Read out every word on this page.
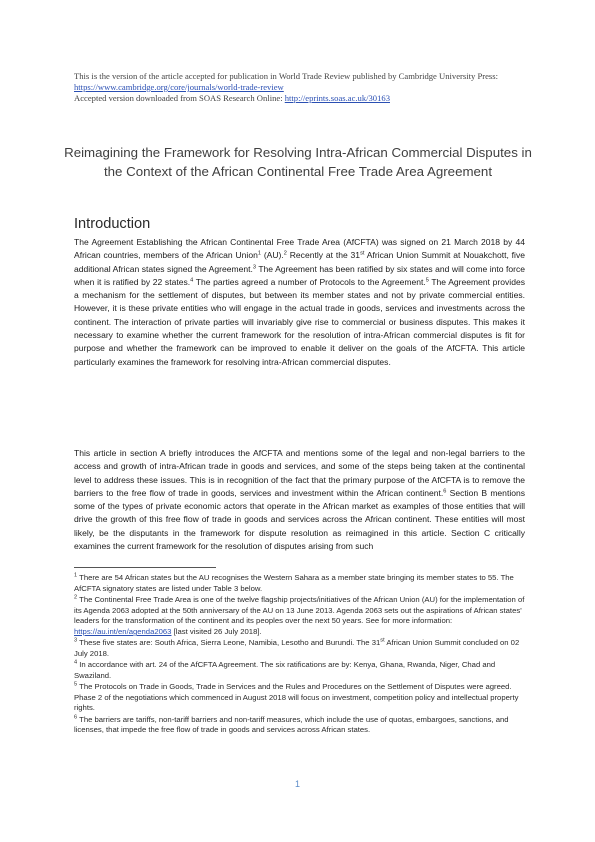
This is the version of the article accepted for publication in World Trade Review published by Cambridge University Press: https://www.cambridge.org/core/journals/world-trade-review
Accepted version downloaded from SOAS Research Online: http://eprints.soas.ac.uk/30163
Reimagining the Framework for Resolving Intra-African Commercial Disputes in the Context of the African Continental Free Trade Area Agreement
Introduction

The Agreement Establishing the African Continental Free Trade Area (AfCFTA) was signed on 21 March 2018 by 44 African countries, members of the African Union$^1$ (AU).$^2$ Recently at the 31st African Union Summit at Nouakchott, five additional African states signed the Agreement.$^3$ The Agreement has been ratified by six states and will come into force when it is ratified by 22 states.$^4$ The parties agreed a number of Protocols to the Agreement.$^5$ The Agreement provides a mechanism for the settlement of disputes, but between its member states and not by private commercial entities. However, it is these private entities who will engage in the actual trade in goods, services and investments across the continent. The interaction of private parties will invariably give rise to commercial or business disputes. This makes it necessary to examine whether the current framework for the resolution of intra-African commercial disputes is fit for purpose and whether the framework can be improved to enable it deliver on the goals of the AfCFTA. This article particularly examines the framework for resolving intra-African commercial disputes.

This article in section A briefly introduces the AfCFTA and mentions some of the legal and non-legal barriers to the access and growth of intra-African trade in goods and services, and some of the steps being taken at the continental level to address these issues. This is in recognition of the fact that the primary purpose of the AfCFTA is to remove the barriers to the free flow of trade in goods, services and investment within the African continent.$^6$ Section B mentions some of the types of private economic actors that operate in the African market as examples of those entities that will drive the growth of this free flow of trade in goods and services across the African continent. These entities will most likely, be the disputants in the framework for dispute resolution as reimagined in this article. Section C critically examines the current framework for the resolution of disputes arising from such

$^1$ There are 54 African states but the AU recognises the Western Sahara as a member state bringing its member states to 55. The AfCFTA signatory states are listed under Table 3 below.

$^2$ The Continental Free Trade Area is one of the twelve flagship projects/initiatives of the African Union (AU) for the implementation of its Agenda 2063 adopted at the 50th anniversary of the AU on 13 June 2013. Agenda 2063 sets out the aspirations of African states' leaders for the transformation of the continent and its peoples over the next 50 years. See for more information: https://au.int/en/agenda2063 [last visited 26 July 2018].

$^3$ These five states are: South Africa, Sierra Leone, Namibia, Lesotho and Burundi. The 31st African Union Summit concluded on 02 July 2018.

$^4$ In accordance with art. 24 of the AfCFTA Agreement. The six ratifications are by: Kenya, Ghana, Rwanda, Niger, Chad and Swaziland.

$^5$ The Protocols on Trade in Goods, Trade in Services and the Rules and Procedures on the Settlement of Disputes were agreed. Phase 2 of the negotiations which commenced in August 2018 will focus on investment, competition policy and intellectual property rights.

$^6$ The barriers are tariffs, non-tariff barriers and non-tariff measures, which include the use of quotas, embargoes, sanctions, and licenses, that impede the free flow of trade in goods and services across African states.

1
